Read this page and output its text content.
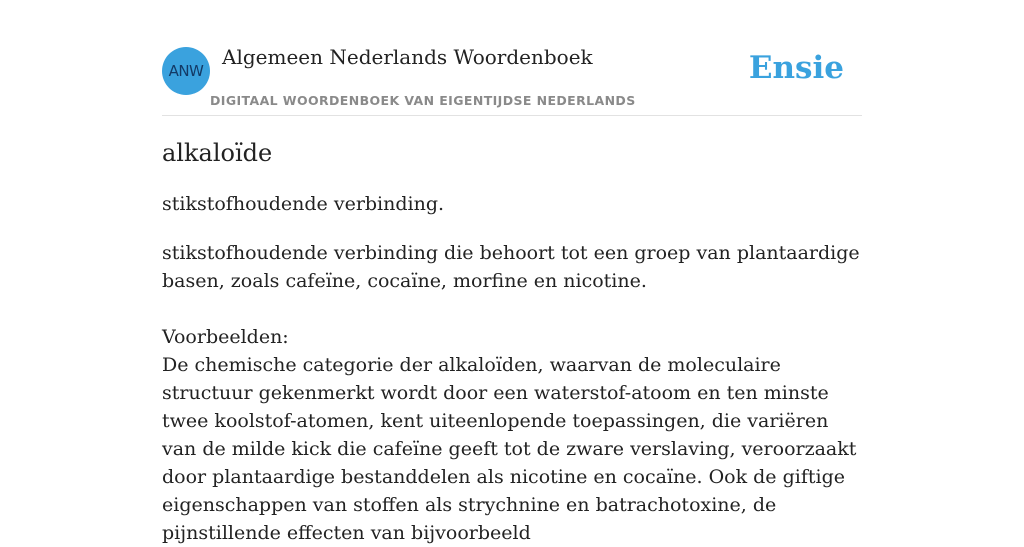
ANW
Algemeen Nederlands Woordenboek
DIGITAAL WOORDENBOEK VAN EIGENTIJDSE NEDERLANDS
Ensie
alkaloïde
stikstofhoudende verbinding.
stikstofhoudende verbinding die behoort tot een groep van plantaardige basen, zoals cafeïne, cocaïne, morfine en nicotine.
Voorbeelden:
De chemische categorie der alkaloïden, waarvan de moleculaire structuur gekenmerkt wordt door een waterstof-atoom en ten minste twee koolstof-atomen, kent uiteenlopende toepassingen, die variëren van de milde kick die cafeïne geeft tot de zware verslaving, veroorzaakt door plantaardige bestanddelen als nicotine en cocaïne. Ook de giftige eigenschappen van stoffen als strychnine en batrachotoxine, de pijnstillende effecten van bijvoorbeeld
